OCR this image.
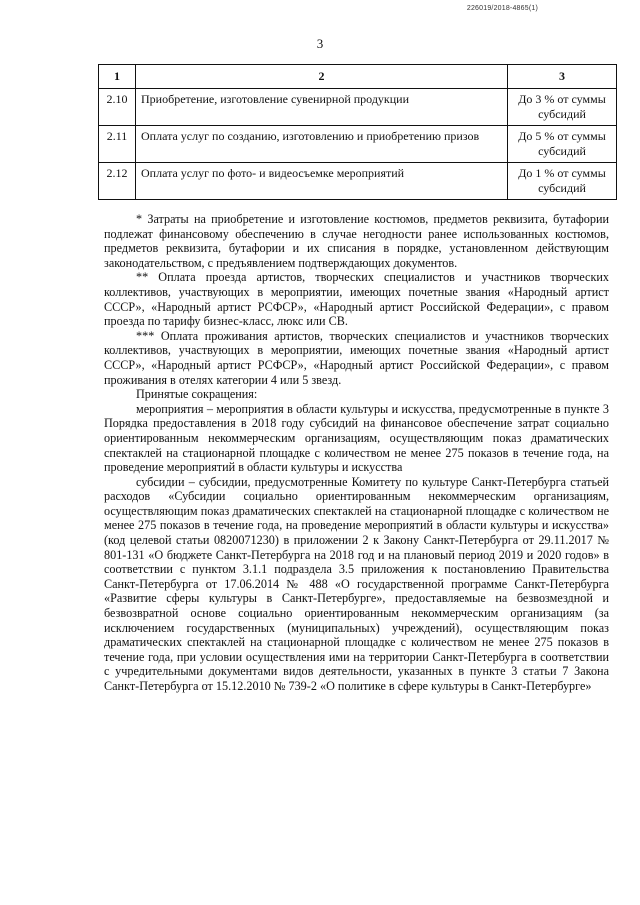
226019/2018-4865(1)

3

1	2	3
2.10	Приобретение, изготовление сувенирной продукции	До 3 % от суммы субсидий
2.11	Оплата услуг по созданию, изготовлению и приобретению призов	До 5 % от суммы субсидий
2.12	Оплата услуг по фото- и видеосъемке мероприятий	До 1 % от суммы субсидий

* Затраты на приобретение и изготовление костюмов, предметов реквизита, бутафории подлежат финансовому обеспечению в случае негодности ранее использованных костюмов, предметов реквизита, бутафории и их списания в порядке, установленном действующим законодательством, с предъявлением подтверждающих документов.

** Оплата проезда артистов, творческих специалистов и участников творческих коллективов, участвующих в мероприятии, имеющих почетные звания «Народный артист СССР», «Народный артист РСФСР», «Народный артист Российской Федерации», с правом проезда по тарифу бизнес-класс, люкс или СВ.

*** Оплата проживания артистов, творческих специалистов и участников творческих коллективов, участвующих в мероприятии, имеющих почетные звания «Народный артист СССР», «Народный артист РСФСР», «Народный артист Российской Федерации», с правом проживания в отелях категории 4 или 5 звезд.

Принятые сокращения:

мероприятия – мероприятия в области культуры и искусства, предусмотренные в пункте 3 Порядка предоставления в 2018 году субсидий на финансовое обеспечение затрат социально ориентированным некоммерческим организациям, осуществляющим показ драматических спектаклей на стационарной площадке с количеством не менее 275 показов в течение года, на проведение мероприятий в области культуры и искусства

субсидии – субсидии, предусмотренные Комитету по культуре Санкт-Петербурга статьей расходов «Субсидии социально ориентированным некоммерческим организациям, осуществляющим показ драматических спектаклей на стационарной площадке с количеством не менее 275 показов в течение года, на проведение мероприятий в области культуры и искусства» (код целевой статьи 0820071230) в приложении 2 к Закону Санкт-Петербурга от 29.11.2017 № 801-131 «О бюджете Санкт-Петербурга на 2018 год и на плановый период 2019 и 2020 годов» в соответствии с пунктом 3.1.1 подраздела 3.5 приложения к постановлению Правительства Санкт-Петербурга от 17.06.2014 № 488 «О государственной программе Санкт-Петербурга «Развитие сферы культуры в Санкт-Петербурге», предоставляемые на безвозмездной и безвозвратной основе социально ориентированным некоммерческим организациям (за исключением государственных (муниципальных) учреждений), осуществляющим показ драматических спектаклей на стационарной площадке с количеством не менее 275 показов в течение года, при условии осуществления ими на территории Санкт-Петербурга в соответствии с учредительными документами видов деятельности, указанных в пункте 3 статьи 7 Закона Санкт-Петербурга от 15.12.2010 № 739-2 «О политике в сфере культуры в Санкт-Петербурге»
